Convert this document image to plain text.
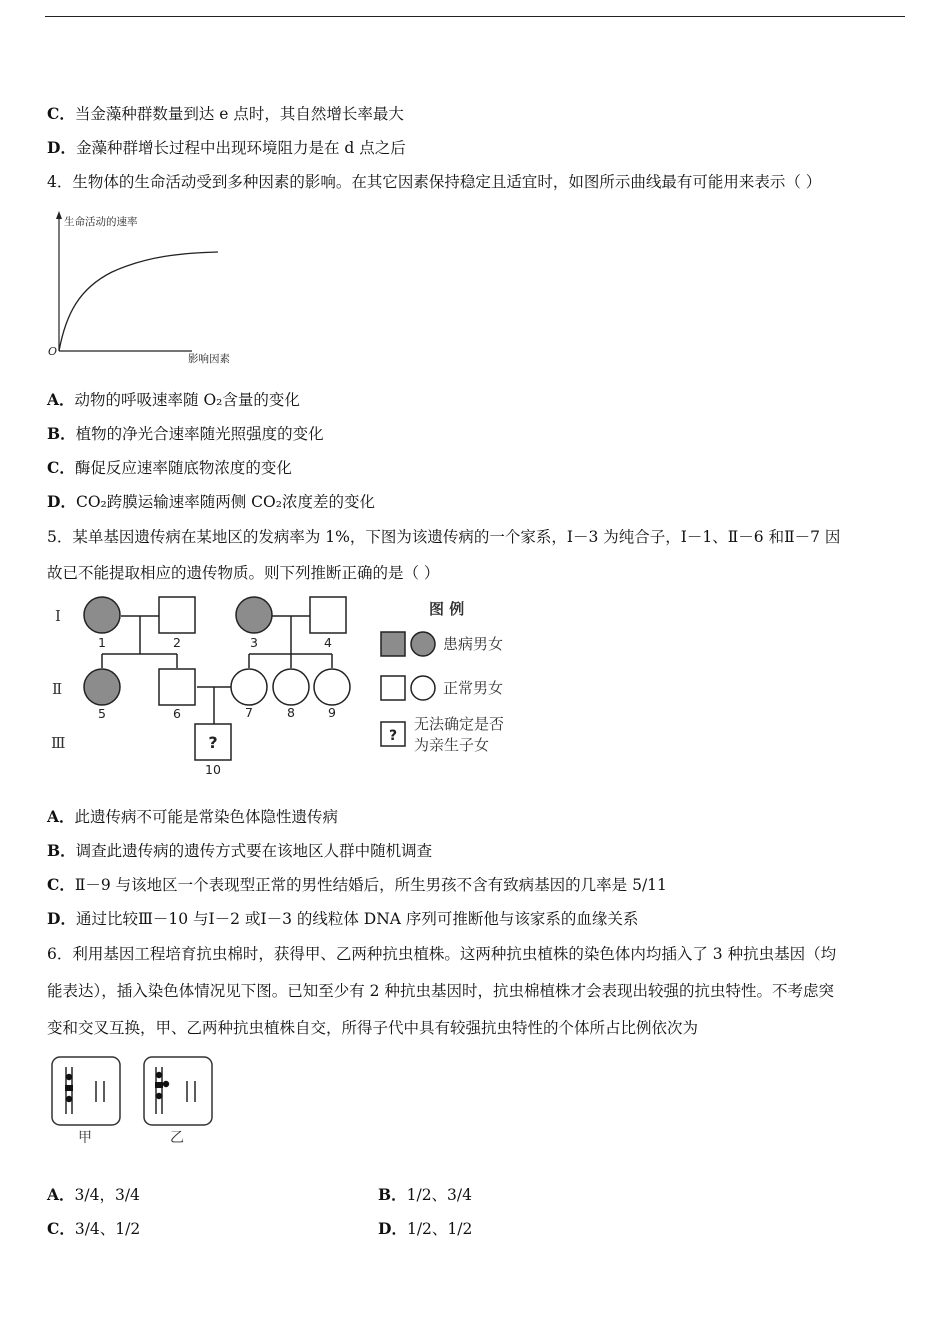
C．当金藻种群数量到达 e 点时，其自然增长率最大
D．金藻种群增长过程中出现环境阻力是在 d 点之后
4．生物体的生命活动受到多种因素的影响。在其它因素保持稳定且适宜时，如图所示曲线最有可能用来表示（ ）
生命活动的速率
影响因素
O
A．动物的呼吸速率随 O₂含量的变化
B．植物的净光合速率随光照强度的变化
C．酶促反应速率随底物浓度的变化
D．CO₂跨膜运输速率随两侧 CO₂浓度差的变化
5．某单基因遗传病在某地区的发病率为 1%，下图为该遗传病的一个家系，Ⅰ－3 为纯合子，Ⅰ－1、Ⅱ－6 和Ⅱ－7 因
故已不能提取相应的遗传物质。则下列推断正确的是（ ）
Ⅰ
Ⅱ
Ⅲ	?
1	2	3	4
5	6	7	8	9
10
图 例
患病男女
正常男女
?
无法确定是否
为亲生子女
A．此遗传病不可能是常染色体隐性遗传病
B．调查此遗传病的遗传方式要在该地区人群中随机调查
C．Ⅱ－9 与该地区一个表现型正常的男性结婚后，所生男孩不含有致病基因的几率是 5/11
D．通过比较Ⅲ－10 与Ⅰ－2 或Ⅰ－3 的线粒体 DNA 序列可推断他与该家系的血缘关系
6．利用基因工程培育抗虫棉时，获得甲、乙两种抗虫植株。这两种抗虫植株的染色体内均插入了 3 种抗虫基因（均
能表达），插入染色体情况见下图。已知至少有 2 种抗虫基因时，抗虫棉植株才会表现出较强的抗虫特性。不考虑突
变和交叉互换，甲、乙两种抗虫植株自交，所得子代中具有较强抗虫特性的个体所占比例依次为
甲	乙
A．3/4，3/4	B．1/2、3/4
C．3/4、1/2	D．1/2、1/2
